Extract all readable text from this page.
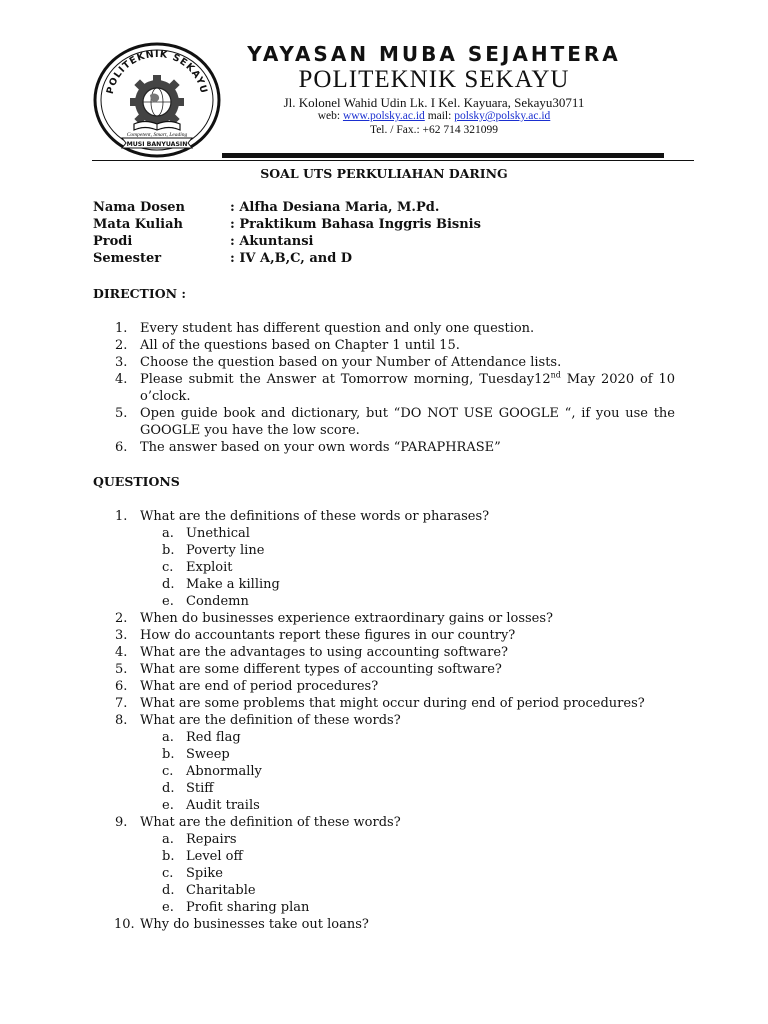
POLITEKNIK SEKAYU
Competent, Smart, Leading
MUSI BANYUASIN
YAYASAN MUBA SEJAHTERA
POLITEKNIK SEKAYU
Jl. Kolonel Wahid Udin Lk. I Kel. Kayuara, Sekayu30711
web: www.polsky.ac.id mail: polsky@polsky.ac.id
Tel. / Fax.: +62 714 321099
SOAL UTS PERKULIAHAN DARING
Nama Dosen	: Alfha Desiana Maria, M.Pd.
Mata Kuliah	: Praktikum Bahasa Inggris Bisnis
Prodi	: Akuntansi
Semester	: IV A,B,C, and D
DIRECTION :
1. Every student has different question and only one question.
2. All of the questions based on Chapter 1 until 15.
3. Choose the question based on your Number of Attendance lists.
4. Please submit the Answer at Tomorrow morning, Tuesday12nd May 2020 of 10 o’clock.
5. Open guide book and dictionary, but “DO NOT USE GOOGLE “, if you use the GOOGLE you have the low score.
6. The answer based on your own words “PARAPHRASE”
QUESTIONS
1. What are the definitions of these words or pharases?
a. Unethical
b. Poverty line
c. Exploit
d. Make a killing
e. Condemn
2. When do businesses experience extraordinary gains or losses?
3. How do accountants report these figures in our country?
4. What are the advantages to using accounting software?
5. What are some different types of accounting software?
6. What are end of period procedures?
7. What are some problems that might occur during end of period procedures?
8. What are the definition of these words?
a. Red flag
b. Sweep
c. Abnormally
d. Stiff
e. Audit trails
9. What are the definition of these words?
a. Repairs
b. Level off
c. Spike
d. Charitable
e. Profit sharing plan
10. Why do businesses take out loans?
